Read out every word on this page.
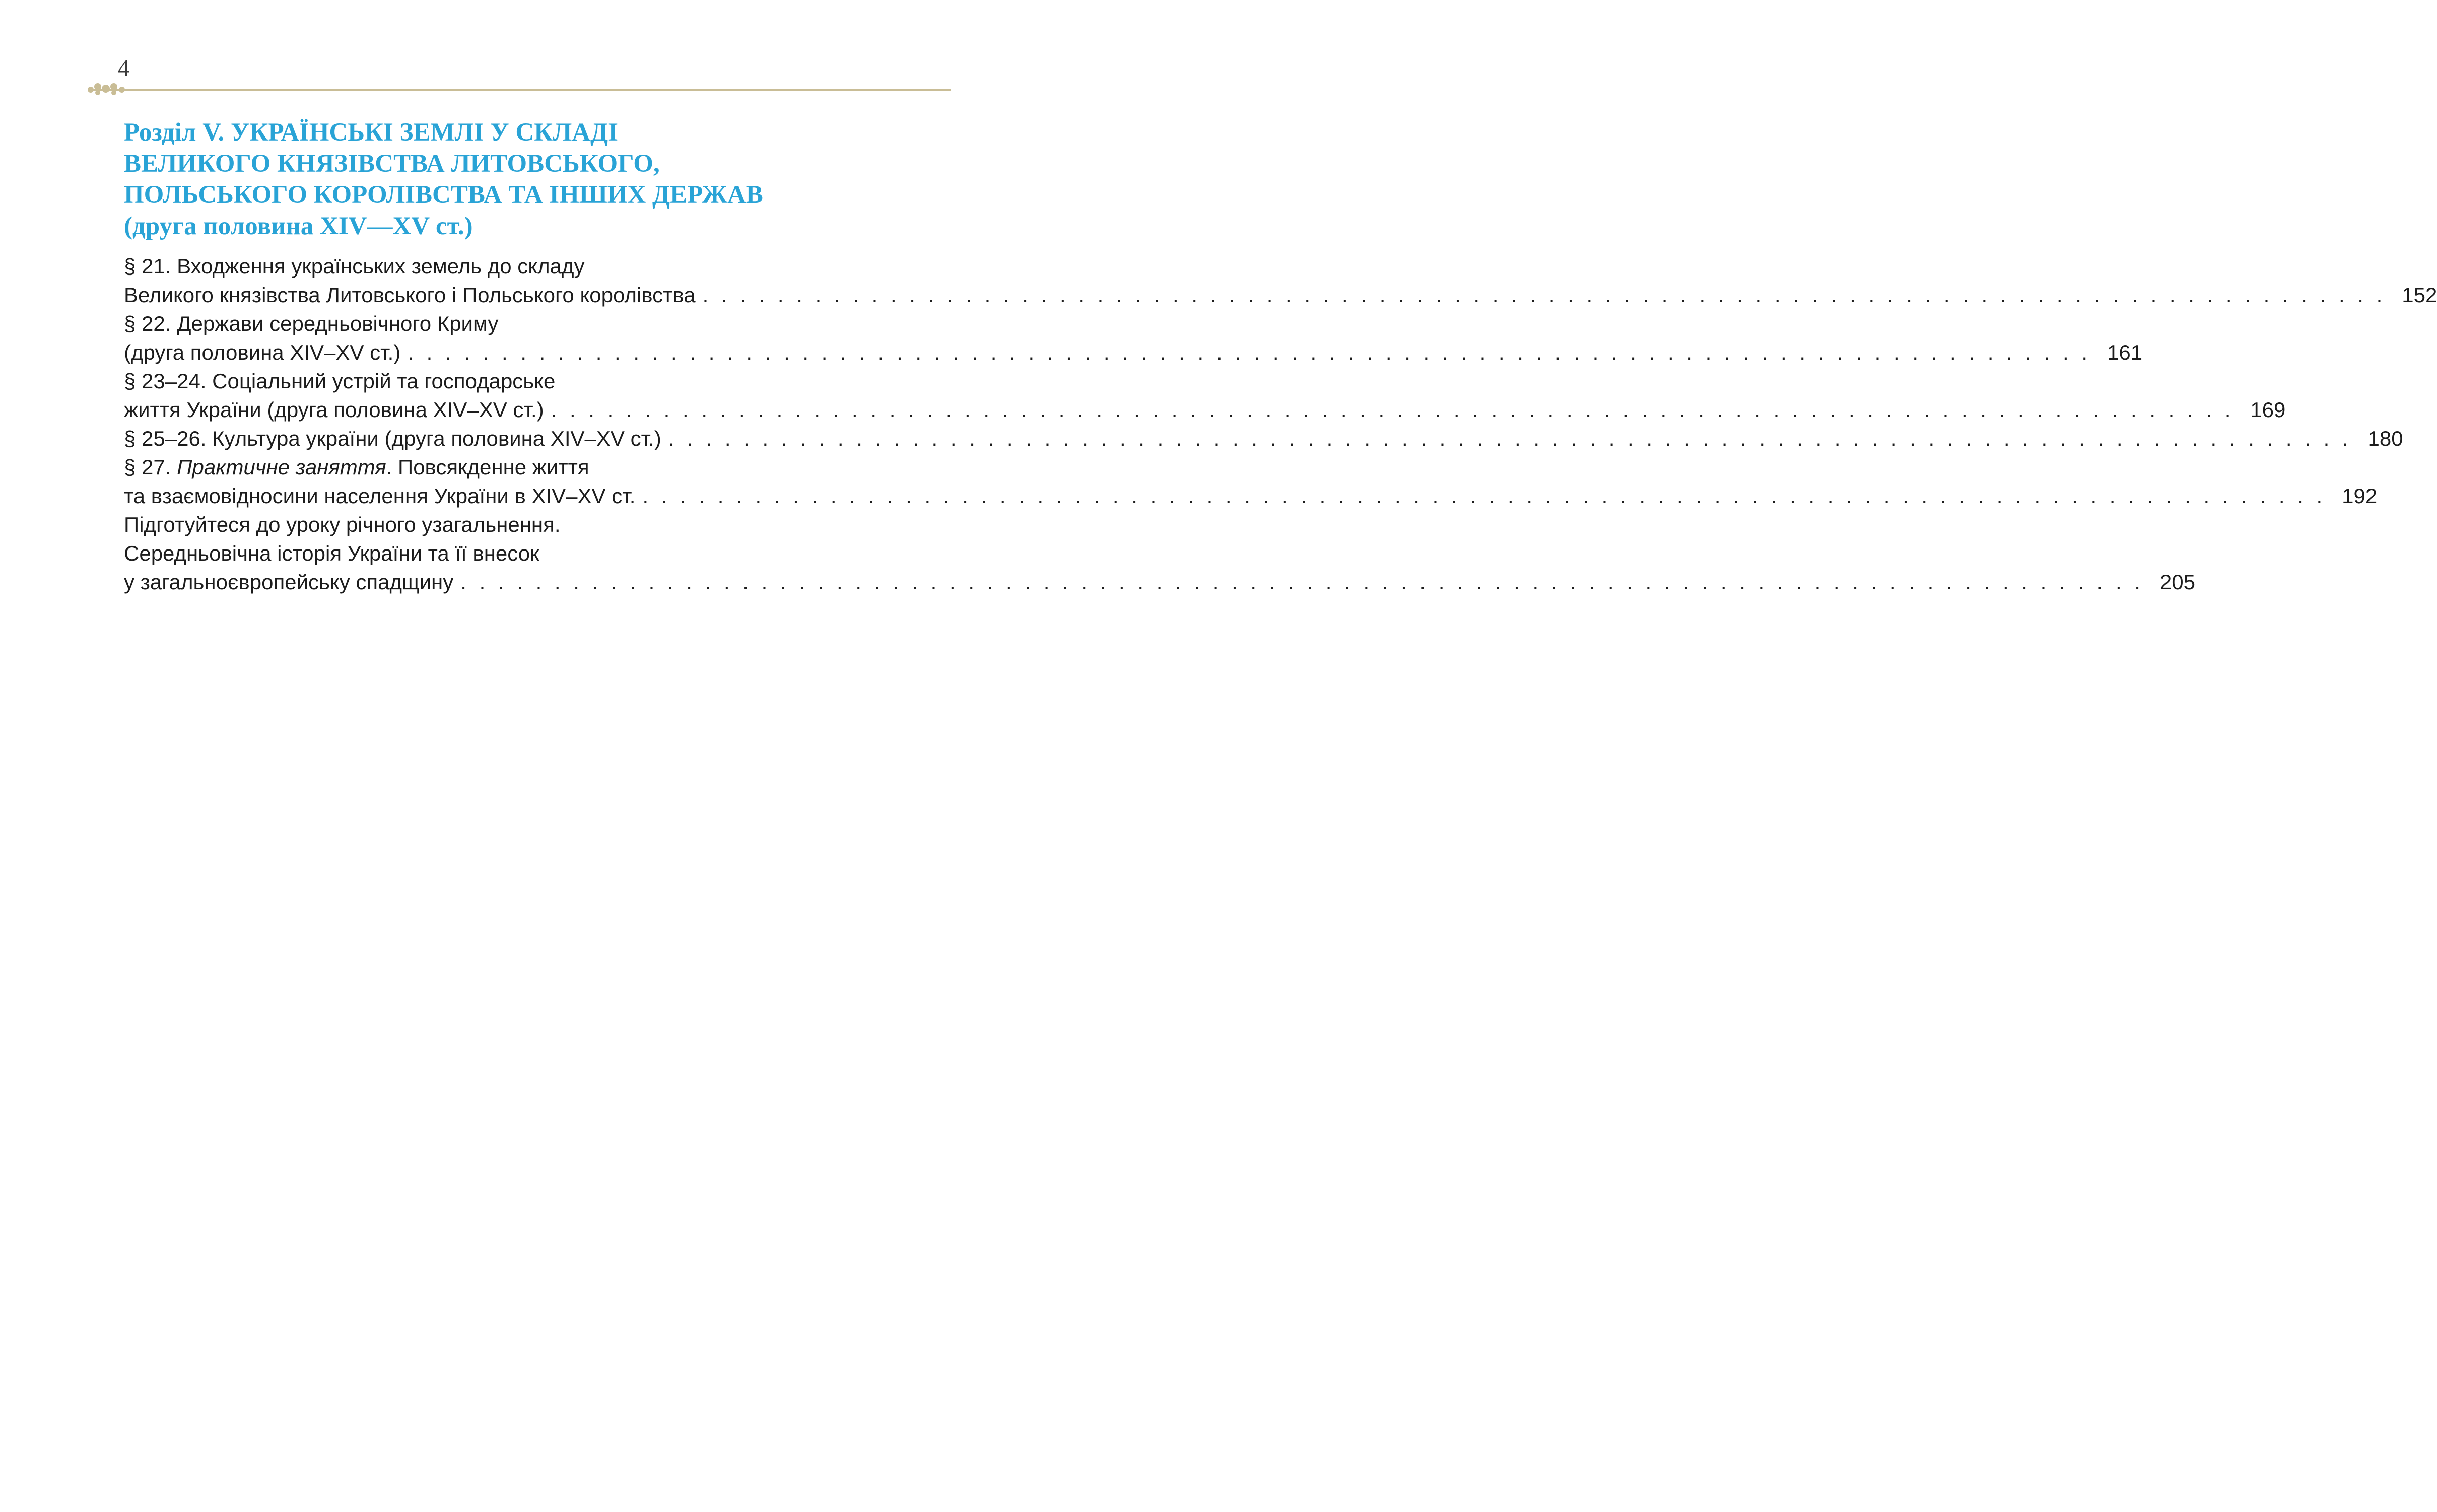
4
Розділ V. УКРАЇНСЬКІ ЗЕМЛІ У СКЛАДІ
ВЕЛИКОГО КНЯЗІВСТВА ЛИТОВСЬКОГО,
ПОЛЬСЬКОГО КОРОЛІВСТВА ТА ІНШИХ ДЕРЖАВ
(друга половина XIV—XV ст.)
§ 21. Входження українських земель до складу
Великого князівства Литовського і Польського королівства . . . . . . . . . . . . . . . . . . . . . . . . . . . . . . . . . . . . . . . . . . . . . . . . . . . . . . . . . . . . . . . . . . . . . . . . . . . . . . . . . . . . . . . . . . 152
§ 22. Держави середньовічного Криму
(друга половина XIV–XV ст.) . . . . . . . . . . . . . . . . . . . . . . . . . . . . . . . . . . . . . . . . . . . . . . . . . . . . . . . . . . . . . . . . . . . . . . . . . . . . . . . . . . . . . . . . . . 161
§ 23–24. Соціальний устрій та господарське
життя України (друга половина XIV–XV ст.) . . . . . . . . . . . . . . . . . . . . . . . . . . . . . . . . . . . . . . . . . . . . . . . . . . . . . . . . . . . . . . . . . . . . . . . . . . . . . . . . . . . . . . . . . . 169
§ 25–26. Культура україни (друга половина XIV–XV ст.) . . . . . . . . . . . . . . . . . . . . . . . . . . . . . . . . . . . . . . . . . . . . . . . . . . . . . . . . . . . . . . . . . . . . . . . . . . . . . . . . . . . . . . . . . . 180
§ 27. Практичне заняття. Повсякденне життя
та взаємовідносини населення України в XIV–XV ст. . . . . . . . . . . . . . . . . . . . . . . . . . . . . . . . . . . . . . . . . . . . . . . . . . . . . . . . . . . . . . . . . . . . . . . . . . . . . . . . . . . . . . . . . . . 192
Підготуйтеся до уроку річного узагальнення.
Середньовічна історія України та її внесок
у загальноєвропейську спадщину . . . . . . . . . . . . . . . . . . . . . . . . . . . . . . . . . . . . . . . . . . . . . . . . . . . . . . . . . . . . . . . . . . . . . . . . . . . . . . . . . . . . . . . . . . 205
